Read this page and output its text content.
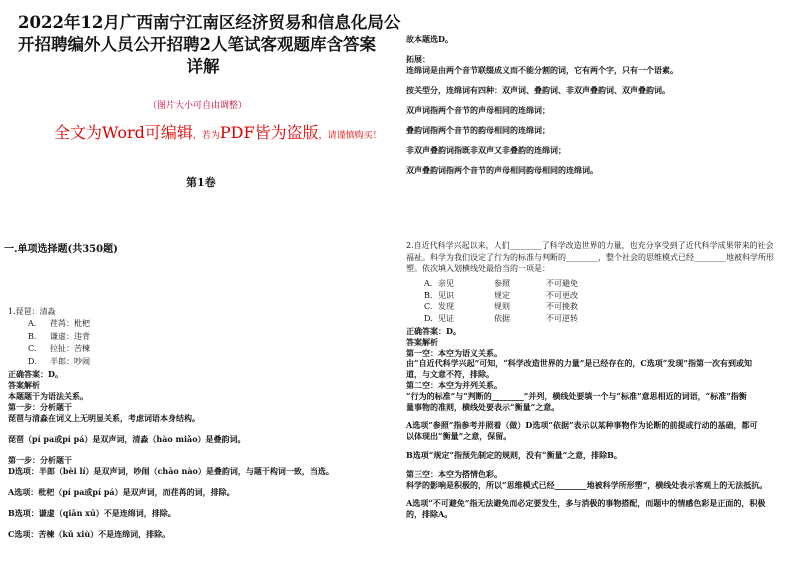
2022年12月广西南宁江南区经济贸易和信息化局公
开招聘编外人员公开招聘2人笔试客观题库含答案
详解
（图片大小可自由调整）
全文为Word可编辑，若为PDF皆为盗版，请谨慎购买！
第1卷
一.单项选择题(共350题)
1.琵琶：清淼
A. 荏苒：枇杷
B. 谦虚：违背
C. 拉扯：苦楝
D. 半郎：吵闹
正确答案：D。
答案解析
本题题干为语法关系。
第一步：分析题干
琵琶与清淼在词义上无明显关系，考虑词语本身结构。
琵琶（pí pa或pí pá）是双声词，清淼（hào miǎo）是叠韵词。
第一步：分析题干
D选项：半郎（bèi lí）是双声词，吵闹（chāo nào）是叠韵词，与题干构词一致，当选。
A选项：枇杷（pí pa或pí pá）是双声词，而荏苒的词，排除。
B选项：谦虚（qiān xū）不是连绵词，排除。
C选项：苦楝（kǔ xiù）不是连绵词，排除。
故本题选D。
拓展：
连绵词是由两个音节联缀成义而不能分割的词，它有两个字，只有一个语素。
按关型分，连绵词有四种：双声词、叠韵词、非双声叠韵词、双声叠韵词。
双声词指两个音节的声母相同的连绵词；
叠韵词指两个音节的韵母相同的连绵词；
非双声叠韵词指既非双声又非叠韵的连绵词；
双声叠韵词指两个音节的声母相同韵母相同的连绵词。
2.自近代科学兴起以来，人们________了科学改造世界的力量，也充分享受到了近代科学成果带来的社会
福祉。科学为我们设定了行为的标准与判断的________，整个社会的思维模式已经________地被科学所形
塑。依次填入划横线处最恰当的一项是：
A. 亲见	参照	不可避免
B. 见识	规定	不可更改
C. 发现	规则	不可挽救
D. 见证	依据	不可逆转
正确答案：D。
答案解析
第一空：本空为语义关系。
由“自近代科学兴起”可知，“科学改造世界的力量”是已经存在的，C选项“发现”指第一次有到或知
道，与文意不符，排除。
第二空：本空为并列关系。
“行为的标准”与“判断的________”并列，横线处要填一个与“标准”意思相近的词语，“标准”指衡
量事物的准则，横线处要表示“衡量”之意。
A选项“参照”指参考并照着（做）D选项“依据”表示以某种事物作为论断的前提或行动的基础，都可
以体现出“衡量”之意，保留。
B选项“规定”指预先制定的规则，没有“衡量”之意，排除B。
第三空：本空为搭情色彩。
科学的影响是积极的，所以“思维模式已经________地被科学所形塑”，横线处表示客观上的无法抵抗。
A选项“不可避免”指无法避免而必定要发生，多与消极的事物搭配，而题中的情感色彩是正面的，积极
的，排除A。
